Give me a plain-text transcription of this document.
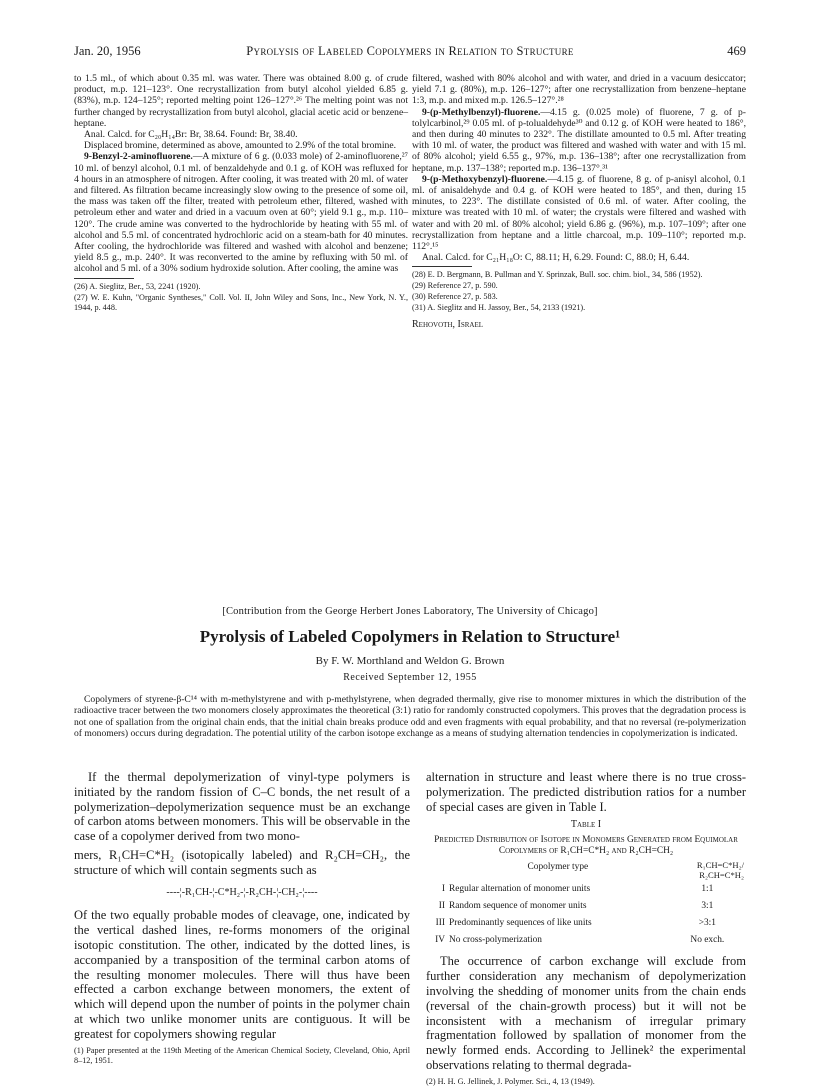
Jan. 20, 1956	Pyrolysis of Labeled Copolymers in Relation to Structure	469

to 1.5 ml., of which about 0.35 ml. was water. There was obtained 8.00 g. of crude product, m.p. 121–123°. One recrystallization from butyl alcohol yielded 6.85 g. (83%), m.p. 124–125°; reported melting point 126–127°.²⁶ The melting point was not further changed by recrystallization from butyl alcohol, glacial acetic acid or benzene–heptane.

Anal. Calcd. for C₂₀H₁₄Br: Br, 38.64. Found: Br, 38.40.

Displaced bromine, determined as above, amounted to 2.9% of the total bromine.

9-Benzyl-2-aminofluorene.—A mixture of 6 g. (0.033 mole) of 2-aminofluorene,²⁷ 10 ml. of benzyl alcohol, 0.1 ml. of benzaldehyde and 0.1 g. of KOH was refluxed for 4 hours in an atmosphere of nitrogen. After cooling, it was treated with 20 ml. of water and filtered. As filtration became increasingly slow owing to the presence of some oil, the mass was taken off the filter, treated with petroleum ether, filtered, washed with petroleum ether and water and dried in a vacuum oven at 60°; yield 9.1 g., m.p. 110–120°. The crude amine was converted to the hydrochloride by heating with 55 ml. of alcohol and 5.5 ml. of concentrated hydrochloric acid on a steam-bath for 40 minutes. After cooling, the hydrochloride was filtered and washed with alcohol and benzene; yield 8.5 g., m.p. 240°. It was reconverted to the amine by refluxing with 50 ml. of alcohol and 5 ml. of a 30% sodium hydroxide solution. After cooling, the amine was

(26) A. Sieglitz, Ber., 53, 2241 (1920).

(27) W. E. Kuhn, "Organic Syntheses," Coll. Vol. II, John Wiley and Sons, Inc., New York, N. Y., 1944, p. 448.

filtered, washed with 80% alcohol and with water, and dried in a vacuum desiccator; yield 7.1 g. (80%), m.p. 126–127°; after one recrystallization from benzene–heptane 1:3, m.p. and mixed m.p. 126.5–127°.²⁸

9-(p-Methylbenzyl)-fluorene.—4.15 g. (0.025 mole) of fluorene, 7 g. of p-tolylcarbinol,²⁹ 0.05 ml. of p-tolualdehyde³⁰ and 0.12 g. of KOH were heated to 186°, and then during 40 minutes to 232°. The distillate amounted to 0.5 ml. After treating with 10 ml. of water, the product was filtered and washed with water and with 15 ml. of 80% alcohol; yield 6.55 g., 97%, m.p. 136–138°; after one recrystallization from heptane, m.p. 137–138°; reported m.p. 136–137°.³¹

9-(p-Methoxybenzyl)-fluorene.—4.15 g. of fluorene, 8 g. of p-anisyl alcohol, 0.1 ml. of anisaldehyde and 0.4 g. of KOH were heated to 185°, and then, during 15 minutes, to 223°. The distillate consisted of 0.6 ml. of water. After cooling, the mixture was treated with 10 ml. of water; the crystals were filtered and washed with water and with 20 ml. of 80% alcohol; yield 6.86 g. (96%), m.p. 107–109°; after one recrystallization from heptane and a little charcoal, m.p. 109–110°; reported m.p. 112°.¹⁵

Anal. Calcd. for C₂₁H₁₈O: C, 88.11; H, 6.29. Found: C, 88.0; H, 6.44.

(28) E. D. Bergmann, B. Pullman and Y. Sprinzak, Bull. soc. chim. biol., 34, 586 (1952).

(29) Reference 27, p. 590.

(30) Reference 27, p. 583.

(31) A. Sieglitz and H. Jassoy, Ber., 54, 2133 (1921).

Rehovoth, Israel

[Contribution from the George Herbert Jones Laboratory, The University of Chicago]
Pyrolysis of Labeled Copolymers in Relation to Structure¹
By F. W. Morthland and Weldon G. Brown
Received September 12, 1955
Copolymers of styrene-β-C¹⁴ with m-methylstyrene and with p-methylstyrene, when degraded thermally, give rise to monomer mixtures in which the distribution of the radioactive tracer between the two monomers closely approximates the theoretical (3:1) ratio for randomly constructed copolymers. This proves that the degradation process is not one of spallation from the original chain ends, that the initial chain breaks produce odd and even fragments with equal probability, and that no reversal (re-polymerization of monomers) occurs during degradation. The potential utility of the carbon isotope exchange as a means of studying alternation tendencies in copolymerization is indicated.

If the thermal depolymerization of vinyl-type polymers is initiated by the random fission of C–C bonds, the net result of a polymerization–depolymerization sequence must be an exchange of carbon atoms between monomers. This will be observable in the case of a copolymer derived from two mono-

mers, R₁CH=C*H₂ (isotopically labeled) and R₂CH=CH₂, the structure of which will contain segments such as

----¦-R₁CH-¦-C*H₂-¦-R₂CH-¦-CH₂-¦----

Of the two equally probable modes of cleavage, one, indicated by the vertical dashed lines, re-forms monomers of the original isotopic constitution. The other, indicated by the dotted lines, is accompanied by a transposition of the terminal carbon atoms of the resulting monomer molecules. There will thus have been effected a carbon exchange between monomers, the extent of which will depend upon the number of points in the polymer chain at which two unlike monomer units are contiguous. It will be greatest for copolymers showing regular

(1) Paper presented at the 119th Meeting of the American Chemical Society, Cleveland, Ohio, April 8–12, 1951.

alternation in structure and least where there is no true cross-polymerization. The predicted distribution ratios for a number of special cases are given in Table I.

Table I

Predicted Distribution of Isotope in Monomers Generated from Equimolar Copolymers of R₁CH=C*H₂ and R₂CH=CH₂

	Copolymer type	R₁CH=C*H₂/
R₂CH=C*H₂
I	Regular alternation of monomer units	1:1
II	Random sequence of monomer units	3:1
III	Predominantly sequences of like units	>3:1
IV	No cross-polymerization	No exch.

The occurrence of carbon exchange will exclude from further consideration any mechanism of depolymerization involving the shedding of monomer units from the chain ends (reversal of the chain-growth process) but it will not be inconsistent with a mechanism of irregular primary fragmentation followed by spallation of monomer from the newly formed ends. According to Jellinek² the experimental observations relating to thermal degrada-

(2) H. H. G. Jellinek, J. Polymer. Sci., 4, 13 (1949).
